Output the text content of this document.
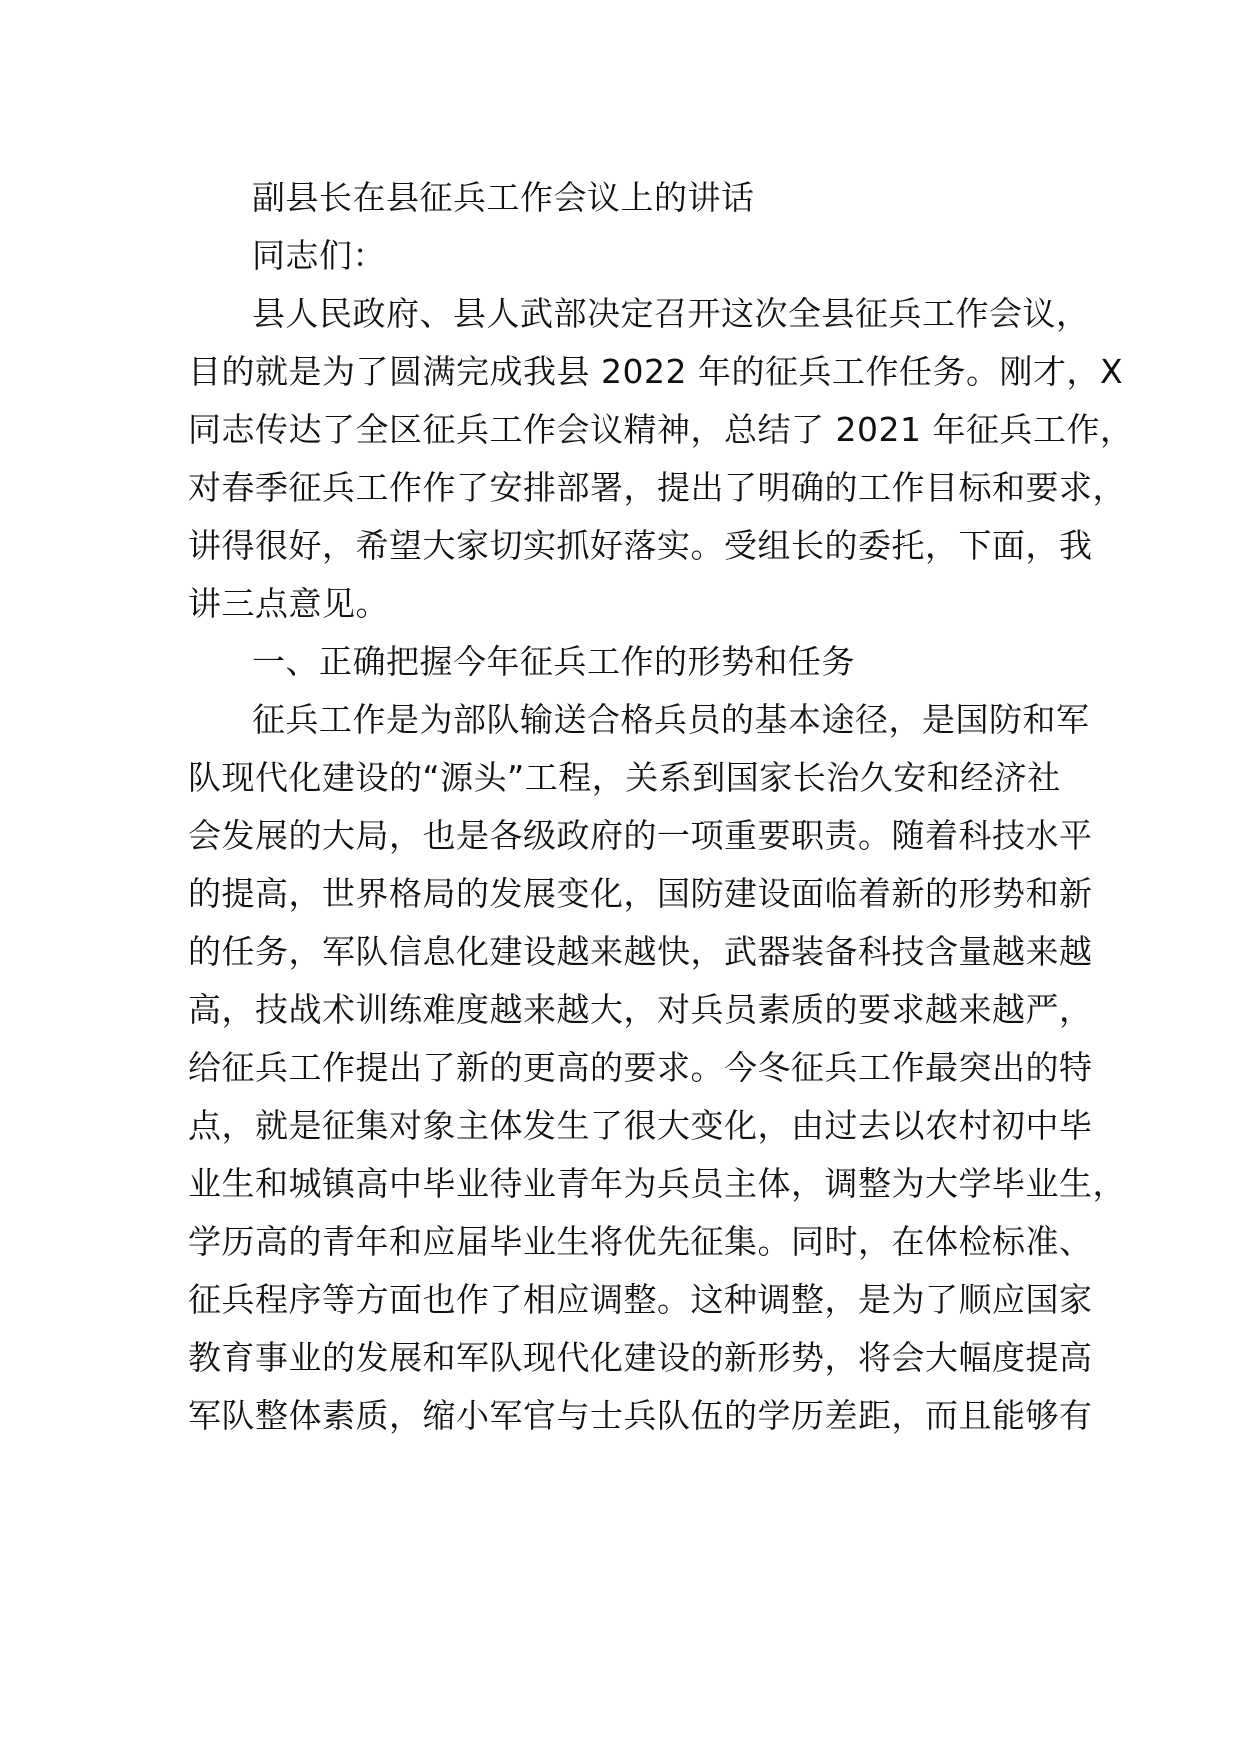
副县长在县征兵工作会议上的讲话
同志们：
县人民政府、县人武部决定召开这次全县征兵工作会议，
目的就是为了圆满完成我县 2022 年的征兵工作任务。刚才，X
同志传达了全区征兵工作会议精神，总结了 2021 年征兵工作，
对春季征兵工作作了安排部署，提出了明确的工作目标和要求，
讲得很好，希望大家切实抓好落实。受组长的委托，下面，我
讲三点意见。
一、正确把握今年征兵工作的形势和任务
征兵工作是为部队输送合格兵员的基本途径，是国防和军
队现代化建设的“源头”工程，关系到国家长治久安和经济社
会发展的大局，也是各级政府的一项重要职责。随着科技水平
的提高，世界格局的发展变化，国防建设面临着新的形势和新
的任务，军队信息化建设越来越快，武器装备科技含量越来越
高，技战术训练难度越来越大，对兵员素质的要求越来越严，
给征兵工作提出了新的更高的要求。今冬征兵工作最突出的特
点，就是征集对象主体发生了很大变化，由过去以农村初中毕
业生和城镇高中毕业待业青年为兵员主体，调整为大学毕业生，
学历高的青年和应届毕业生将优先征集。同时，在体检标准、
征兵程序等方面也作了相应调整。这种调整，是为了顺应国家
教育事业的发展和军队现代化建设的新形势，将会大幅度提高
军队整体素质，缩小军官与士兵队伍的学历差距，而且能够有
